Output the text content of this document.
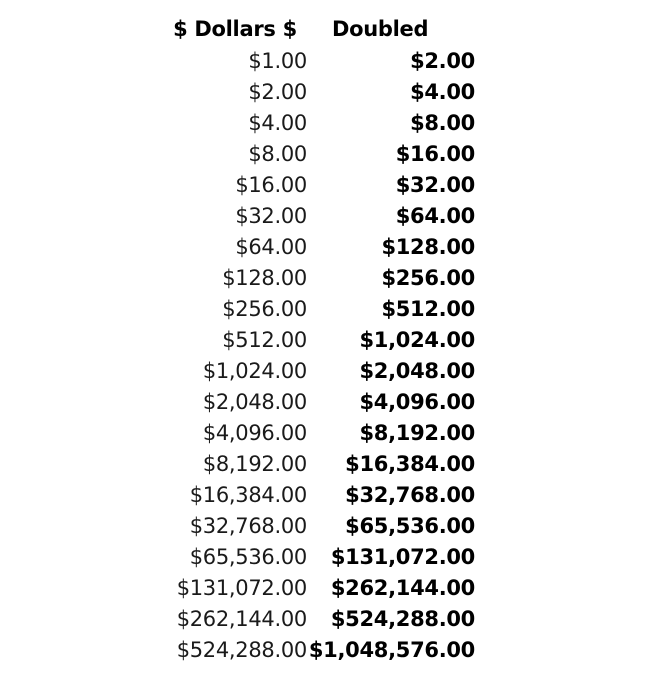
$ Dollars $	Doubled
$1.00	$2.00
$2.00	$4.00
$4.00	$8.00
$8.00	$16.00
$16.00	$32.00
$32.00	$64.00
$64.00	$128.00
$128.00	$256.00
$256.00	$512.00
$512.00	$1,024.00
$1,024.00	$2,048.00
$2,048.00	$4,096.00
$4,096.00	$8,192.00
$8,192.00	$16,384.00
$16,384.00	$32,768.00
$32,768.00	$65,536.00
$65,536.00	$131,072.00
$131,072.00	$262,144.00
$262,144.00	$524,288.00
$524,288.00 $1,048,576.00
